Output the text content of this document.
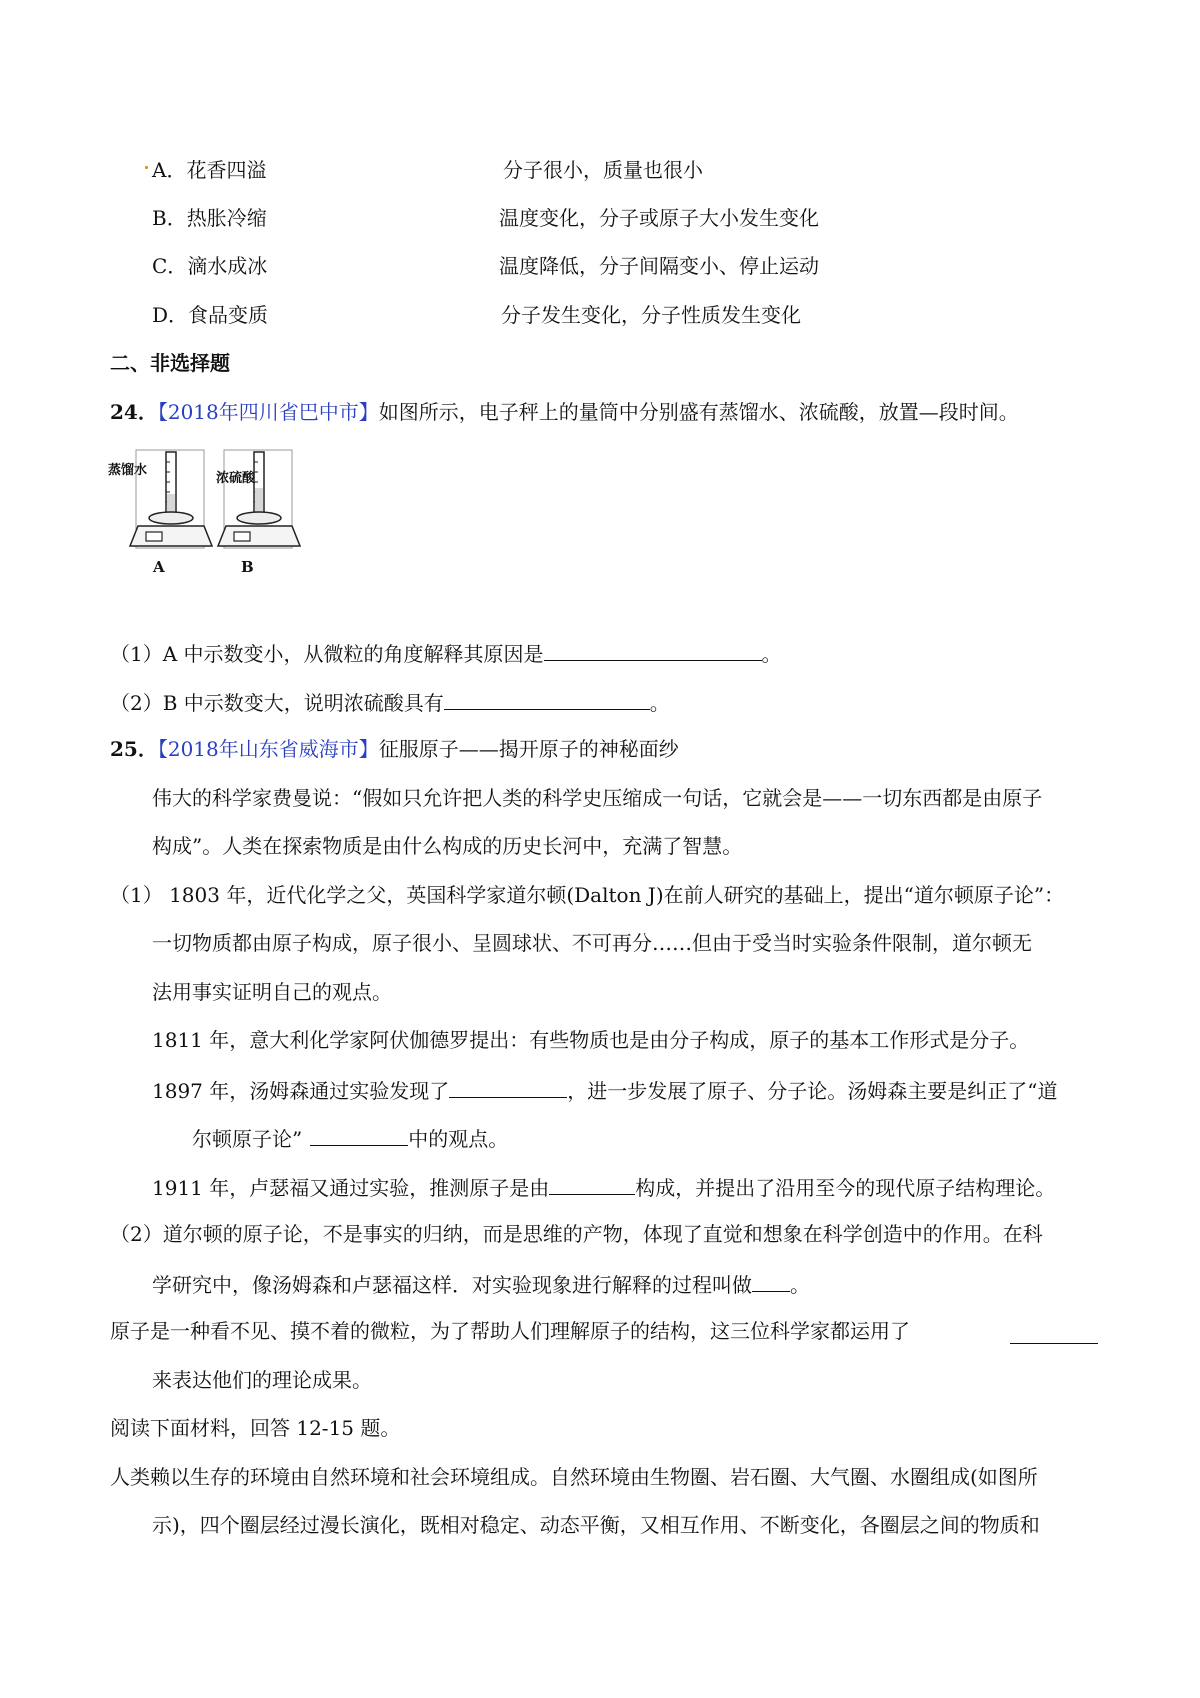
A．花香四溢	分子很小，质量也很小
B．热胀冷缩	温度变化，分子或原子大小发生变化
C．滴水成冰	温度降低，分子间隔变小、停止运动
D．食品变质	分子发生变化，分子性质发生变化
二、非选择题
24．【2018年四川省巴中市】如图所示，电子秤上的量筒中分别盛有蒸馏水、浓硫酸，放置—段时间。
蒸馏水
A
浓硫酸
B
（1）A 中示数变小，从微粒的角度解释其原因是	。
（2）B 中示数变大，说明浓硫酸具有	。
25．【2018年山东省威海市】征服原子——揭开原子的神秘面纱
伟大的科学家费曼说：“假如只允许把人类的科学史压缩成一句话，它就会是——一切东西都是由原子
构成”。人类在探索物质是由什么构成的历史长河中，充满了智慧。
（1） 1803 年，近代化学之父，英国科学家道尔顿(Dalton J)在前人研究的基础上，提出“道尔顿原子论”：
一切物质都由原子构成，原子很小、呈圆球状、不可再分……但由于受当时实验条件限制，道尔顿无
法用事实证明自己的观点。
1811 年，意大利化学家阿伏伽德罗提出：有些物质也是由分子构成，原子的基本工作形式是分子。
1897 年，汤姆森通过实验发现了	，进一步发展了原子、分子论。汤姆森主要是纠正了“道
尔顿原子论”	中的观点。
1911 年，卢瑟福又通过实验，推测原子是由	构成，并提出了沿用至今的现代原子结构理论。
（2）道尔顿的原子论，不是事实的归纳，而是思维的产物，体现了直觉和想象在科学创造中的作用。在科
学研究中，像汤姆森和卢瑟福这样．对实验现象进行解释的过程叫做 。
原子是一种看不见、摸不着的微粒，为了帮助人们理解原子的结构，这三位科学家都运用了
来表达他们的理论成果。
阅读下面材料，回答 12-15 题。
人类赖以生存的环境由自然环境和社会环境组成。自然环境由生物圈、岩石圈、大气圈、水圈组成(如图所
示)，四个圈层经过漫长演化，既相对稳定、动态平衡，又相互作用、不断变化，各圈层之间的物质和
